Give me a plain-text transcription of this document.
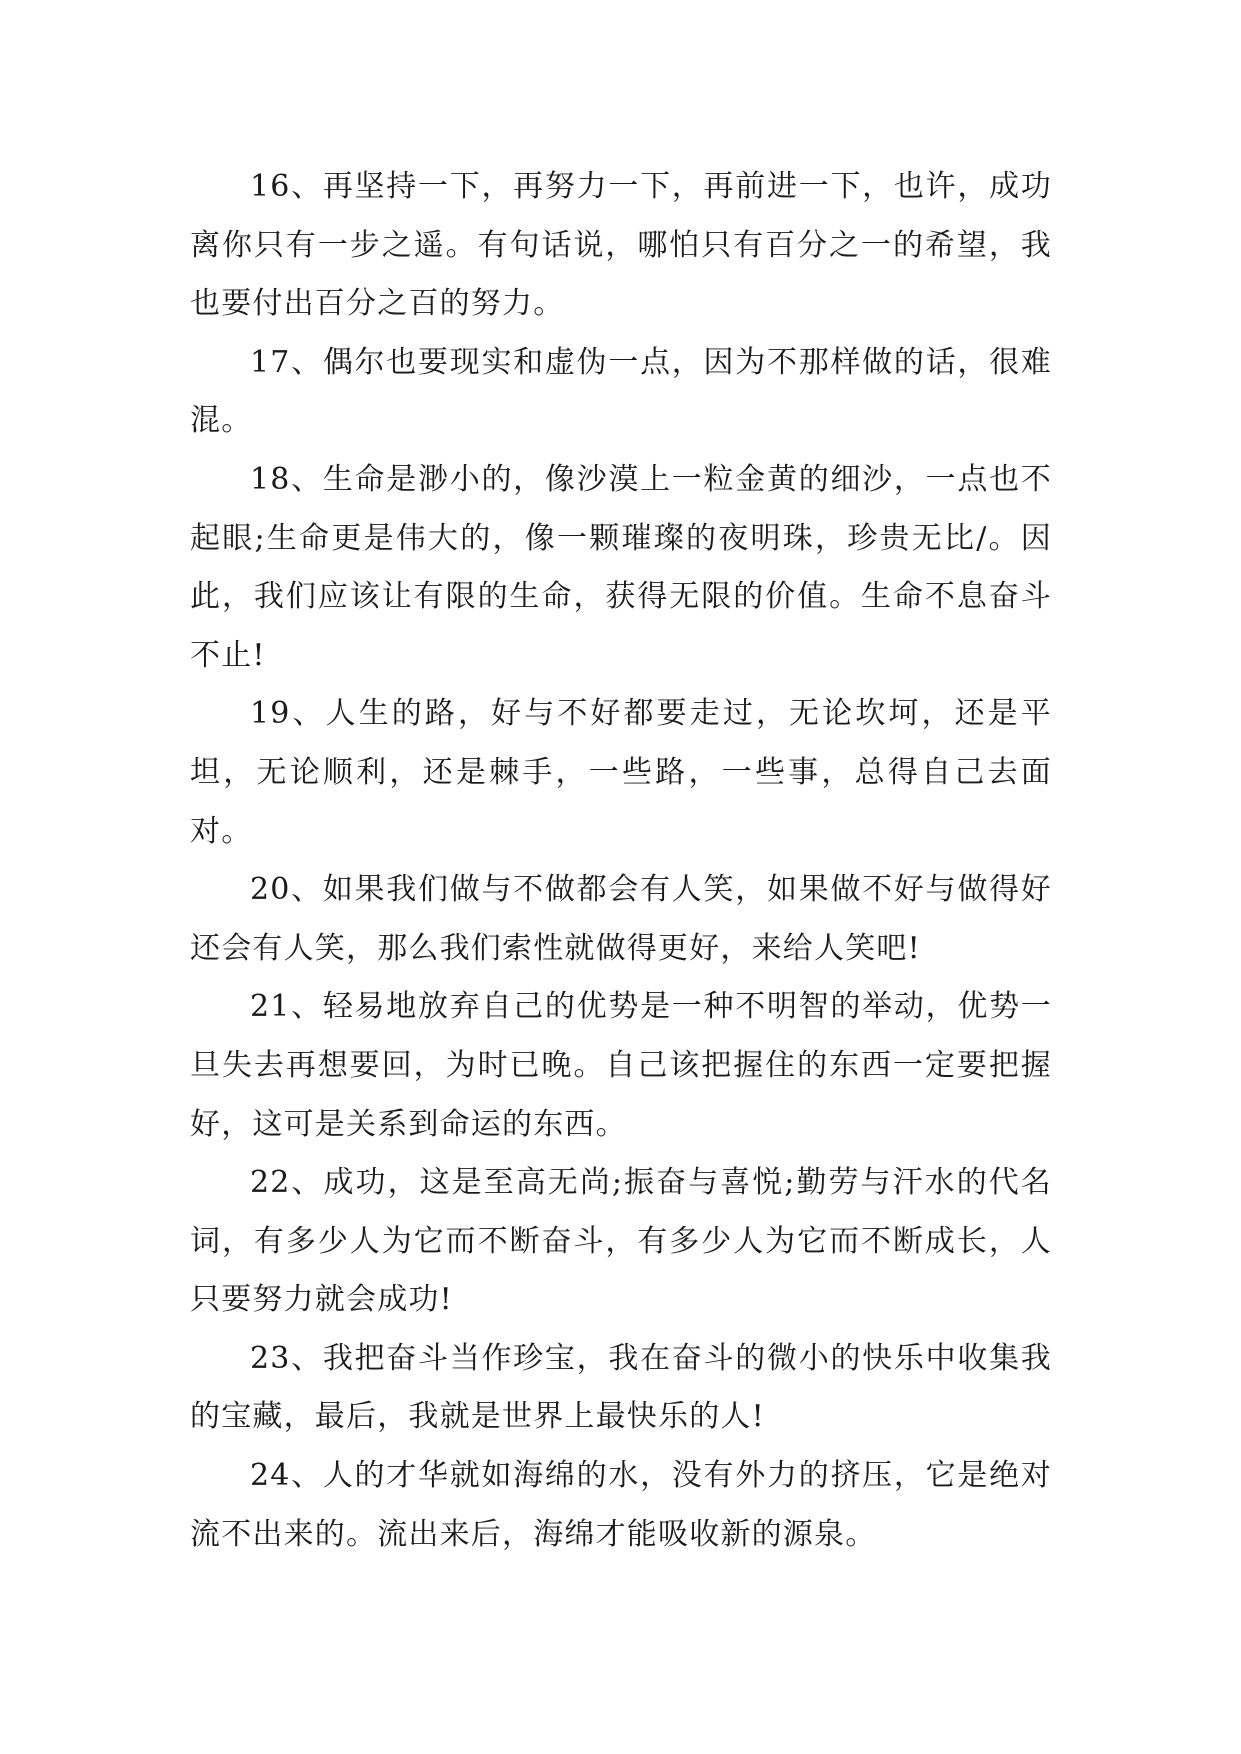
16、再坚持一下，再努力一下，再前进一下，也许，成功离你只有一步之遥。有句话说，哪怕只有百分之一的希望，我也要付出百分之百的努力。

17、偶尔也要现实和虚伪一点，因为不那样做的话，很难混。

18、生命是渺小的，像沙漠上一粒金黄的细沙，一点也不起眼;生命更是伟大的，像一颗璀璨的夜明珠，珍贵无比/。因此，我们应该让有限的生命，获得无限的价值。生命不息奋斗不止!

19、人生的路，好与不好都要走过，无论坎坷，还是平坦，无论顺利，还是棘手，一些路，一些事，总得自己去面对。

20、如果我们做与不做都会有人笑，如果做不好与做得好还会有人笑，那么我们索性就做得更好，来给人笑吧!

21、轻易地放弃自己的优势是一种不明智的举动，优势一旦失去再想要回，为时已晚。自己该把握住的东西一定要把握好，这可是关系到命运的东西。

22、成功，这是至高无尚;振奋与喜悦;勤劳与汗水的代名词，有多少人为它而不断奋斗，有多少人为它而不断成长，人只要努力就会成功!

23、我把奋斗当作珍宝，我在奋斗的微小的快乐中收集我的宝藏，最后，我就是世界上最快乐的人!

24、人的才华就如海绵的水，没有外力的挤压，它是绝对流不出来的。流出来后，海绵才能吸收新的源泉。
